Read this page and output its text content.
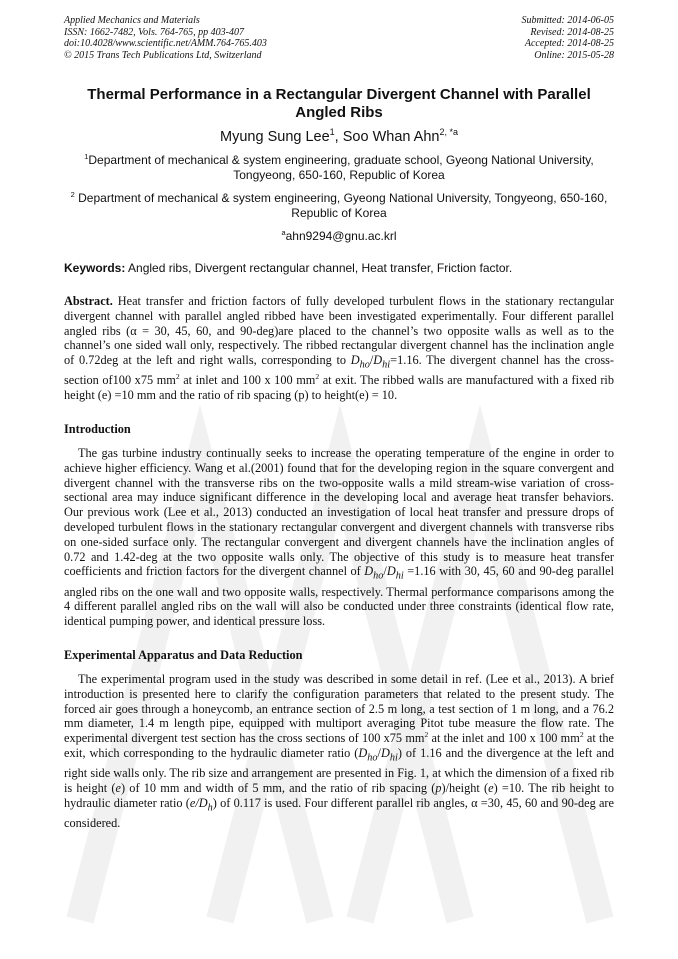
Applied Mechanics and Materials
ISSN: 1662-7482, Vols. 764-765, pp 403-407
doi:10.4028/www.scientific.net/AMM.764-765.403
© 2015 Trans Tech Publications Ltd, Switzerland
Submitted: 2014-06-05
Revised: 2014-08-25
Accepted: 2014-08-25
Online: 2015-05-28
Thermal Performance in a Rectangular Divergent Channel with Parallel Angled Ribs
Myung Sung Lee$^1$, Soo Whan Ahn$^{2, *a}$
$^1$Department of mechanical & system engineering, graduate school, Gyeong National University, Tongyeong, 650-160, Republic of Korea
$^2$ Department of mechanical & system engineering, Gyeong National University, Tongyeong, 650-160, Republic of Korea
$^a$ahn9294@gnu.ac.krl
Keywords: Angled ribs, Divergent rectangular channel, Heat transfer, Friction factor.

Abstract. Heat transfer and friction factors of fully developed turbulent flows in the stationary rectangular divergent channel with parallel angled ribbed have been investigated experimentally. Four different parallel angled ribs (α = 30, 45, 60, and 90-deg)are placed to the channel’s two opposite walls as well as to the channel’s one sided wall only, respectively. The ribbed rectangular divergent channel has the inclination angle of 0.72deg at the left and right walls, corresponding to $D_{ho}/D_{hi}=1.16$. The divergent channel has the cross-section of100 x75 $mm^2$ at inlet and 100 x 100 $mm^2$ at exit. The ribbed walls are manufactured with a fixed rib height (e) =10 mm and the ratio of rib spacing (p) to height(e) = 10.

Introduction

The gas turbine industry continually seeks to increase the operating temperature of the engine in order to achieve higher efficiency. Wang et al.(2001) found that for the developing region in the square convergent and divergent channel with the transverse ribs on the two-opposite walls a mild stream-wise variation of cross-sectional area may induce significant difference in the developing local and average heat transfer behaviors. Our previous work (Lee et al., 2013) conducted an investigation of local heat transfer and pressure drops of developed turbulent flows in the stationary rectangular convergent and divergent channels with transverse ribs on one-sided surface only. The rectangular convergent and divergent channels have the inclination angles of 0.72 and 1.42-deg at the two opposite walls only. The objective of this study is to measure heat transfer coefficients and friction factors for the divergent channel of $D_{ho}/D_{hi} =1.16$ with 30, 45, 60 and 90-deg parallel angled ribs on the one wall and two opposite walls, respectively. Thermal performance comparisons among the 4 different parallel angled ribs on the wall will also be conducted under three constraints (identical flow rate, identical pumping power, and identical pressure loss.

Experimental Apparatus and Data Reduction

The experimental program used in the study was described in some detail in ref. (Lee et al., 2013). A brief introduction is presented here to clarify the configuration parameters that related to the present study. The forced air goes through a honeycomb, an entrance section of 2.5 m long, a test section of 1 m long, and a 76.2 mm diameter, 1.4 m length pipe, equipped with multiport averaging Pitot tube measure the flow rate. The experimental divergent test section has the cross sections of 100 x75 $mm^2$ at the inlet and 100 x 100 $mm^2$ at the exit, which corresponding to the hydraulic diameter ratio $(D_{ho}/D_{hi})$ of 1.16 and the divergence at the left and right side walls only. The rib size and arrangement are presented in Fig. 1, at which the dimension of a fixed rib is height (e) of 10 mm and width of 5 mm, and the ratio of rib spacing (p)/height (e) =10. The rib height to hydraulic diameter ratio $(e/D_h)$ of 0.117 is used. Four different parallel rib angles, α =30, 45, 60 and 90-deg are considered.
